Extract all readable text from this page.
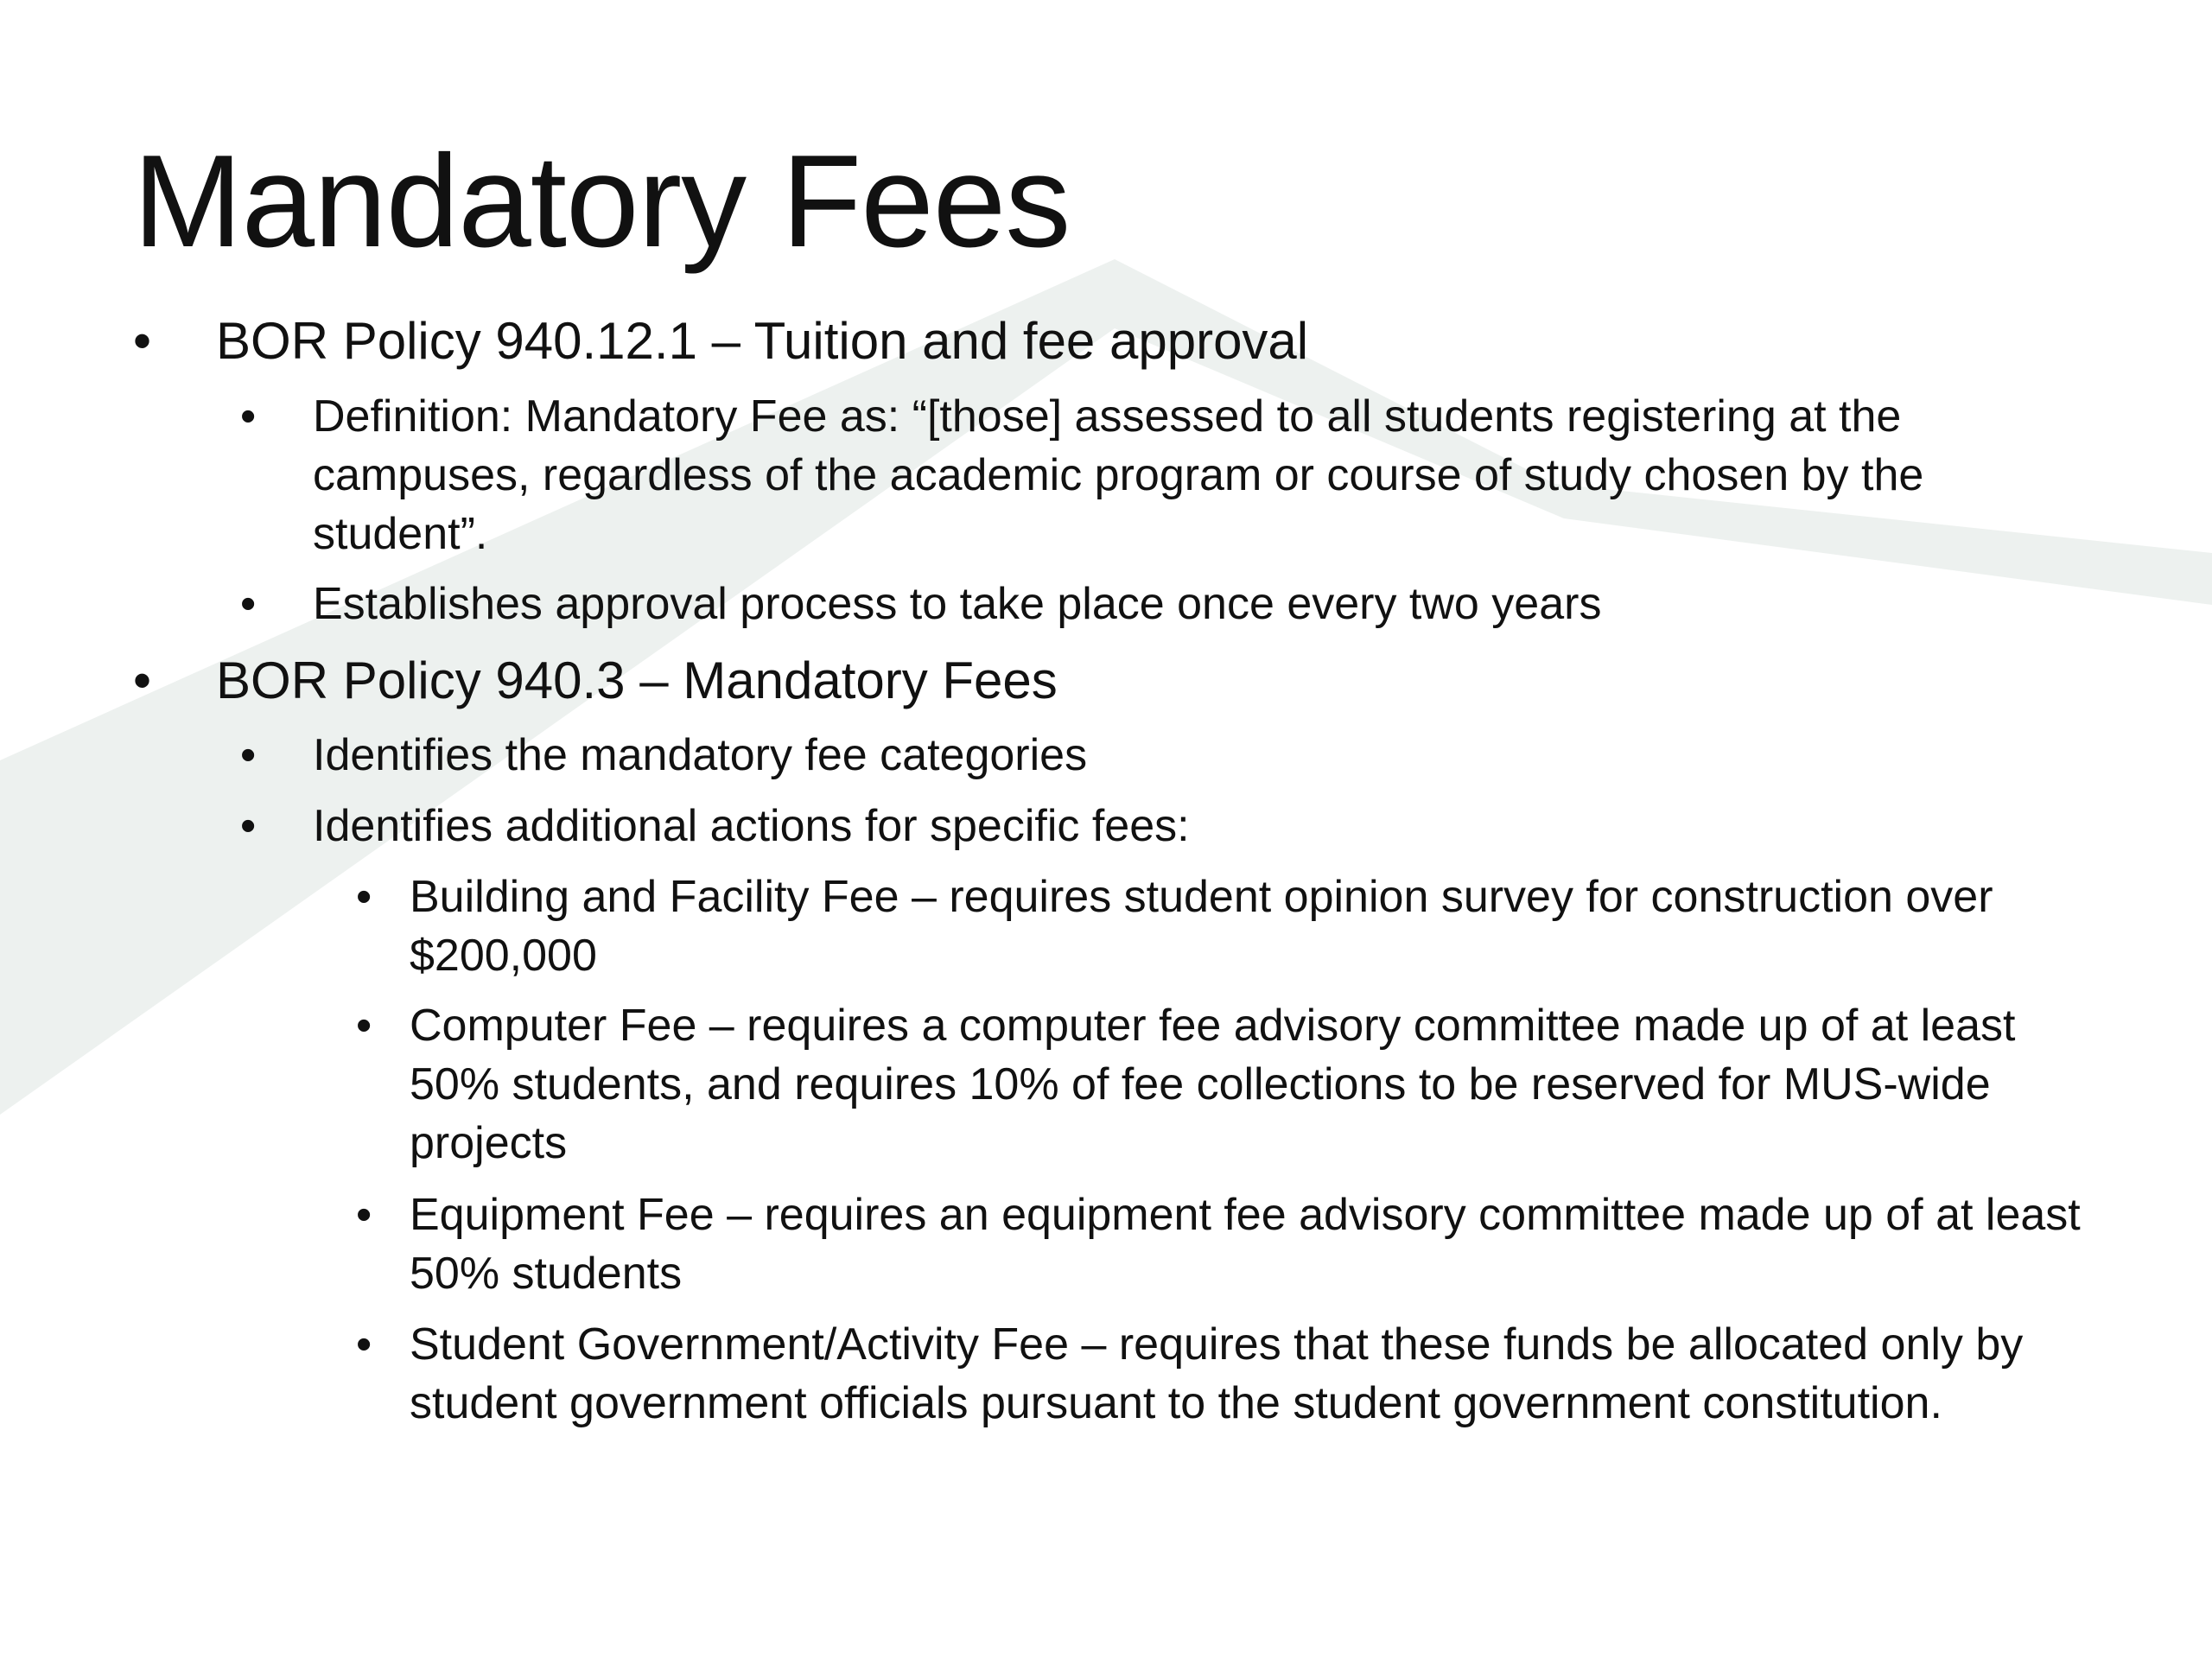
Mandatory Fees
• BOR Policy 940.12.1 – Tuition and fee approval
• Definition: Mandatory Fee as: “[those] assessed to all students registering at the campuses, regardless of the academic program or course of study chosen by the student”.
• Establishes approval process to take place once every two years
• BOR Policy 940.3 – Mandatory Fees
• Identifies the mandatory fee categories
• Identifies additional actions for specific fees:
• Building and Facility Fee – requires student opinion survey for construction over $200,000
• Computer Fee – requires a computer fee advisory committee made up of at least 50% students, and requires 10% of fee collections to be reserved for MUS-wide projects
• Equipment Fee – requires an equipment fee advisory committee made up of at least 50% students
• Student Government/Activity Fee – requires that these funds be allocated only by student government officials pursuant to the student government constitution.
